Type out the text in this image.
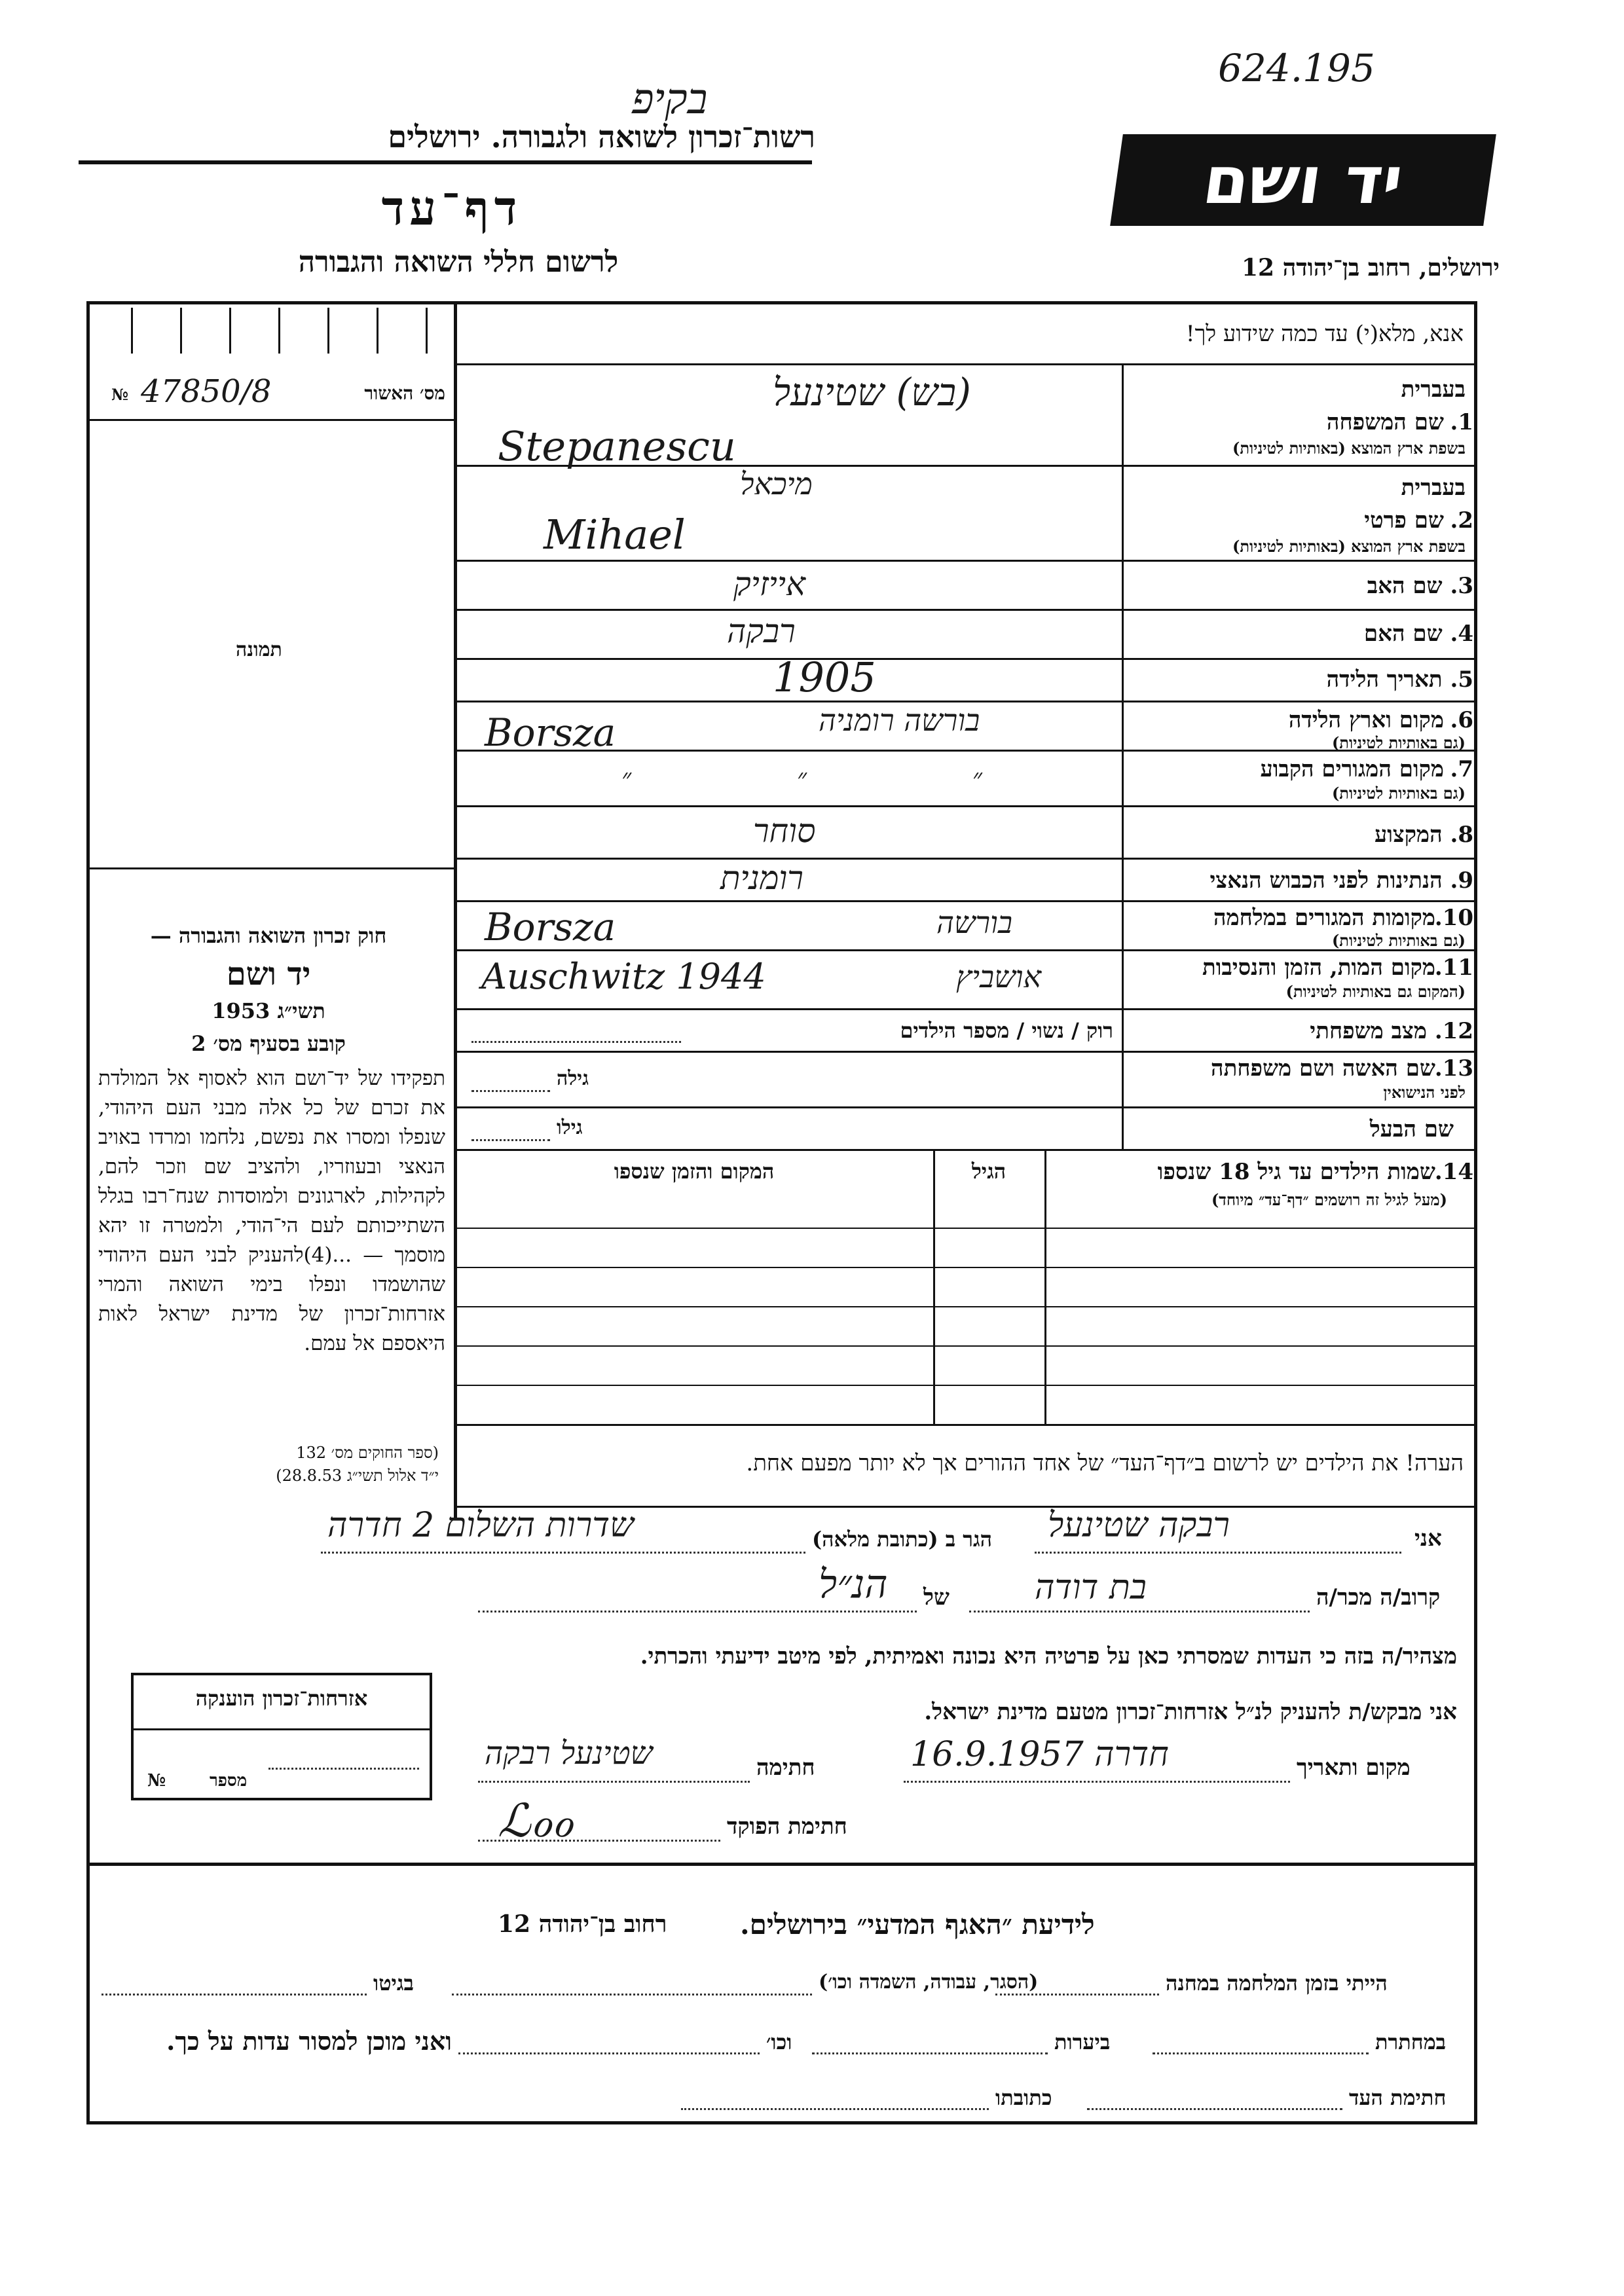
בקיפ
624.195
רשות־זכרון לשואה ולגבורה. ירושלים
דף־עד
לרשום חללי השואה והגבורה
יד ושם
ירושלים, רחוב בן־יהודה 12
№ 47850/8	מס׳ האשור
תמונה
חוק זכרון השואה והגבורה —
יד ושם
תשי״ג 1953
קובע בסעיף מס׳ 2
תפקידו של יד־ושם הוא לאסוף אל המולדת את זכרם של כל אלה מבני העם היהודי, שנפלו ומסרו את נפשם, נלחמו ומרדו באויב הנאצי ובעוזריו, ולהציב שם וזכר להם, לקהילות, לארגונים ולמוסדות שנח־רבו בגלל השתייכותם לעם הי־הודי, ולמטרה זו יהא מוסמך — ...(4)להעניק לבני העם היהודי שהושמדו ונפלו בימי השואה והמרי אזרחות־זכרון של מדינת ישראל לאות היאספם אל עמם.
(ספר החוקים מס׳ 132
י״ד אלול תשי״ג 28.8.53)
אנא, מלא(י) עד כמה שידוע לך!
בעברית
1.
שם המשפחה
בשפת ארץ המוצא (באותיות לטיניות)
(בש) שטינעל
Stepanescu
בעברית
2.
שם פרטי
בשפת ארץ המוצא (באותיות לטיניות)
מיכאל
Mihael
3. שם האב
אייזיק
4. שם האם
רבקה
5. תאריך הלידה
1905
6.
מקום וארץ הלידה
(גם באותיות לטיניות)
בורשה רומניה
Borsza
7.
מקום המגורים הקבוע
(גם באותיות לטיניות)
״ ״ ״
8. המקצוע
סוחר
9. הנתינות לפני הכבוש הנאצי
רומנית
10.
מקומות המגורים במלחמה
(גם באותיות לטיניות)
בורשה
Borsza
11.
מקום המות, הזמן והנסיבות
(המקום גם באותיות לטיניות)
אושביץ
Auschwitz 1944
12. מצב משפחתי
רוק / נשוי / מספר הילדים
13.
שם האשה ושם משפחתה
לפני הנישואין
גילה
שם הבעל
גילו
14.
שמות הילדים עד גיל 18 שנספו
(מעל לגיל זה רושמים ״דף־עד״ מיוחד)
הגיל
המקום והזמן שנספו
הערה! את הילדים יש לרשום ב״דף־העד״ של אחד ההורים אך לא יותר מפעם אחת.
אני
רבקה שטינעל
הגר ב (כתובת מלאה)
שדרות השלום 2 חדרה
קרוב/ה מכר/ה
בת דודה
של
הנ״ל
מצהיר/ה בזה כי העדות שמסרתי כאן על פרטיה היא נכונה ואמיתית, לפי מיטב ידיעתי והכרתי.
אני מבקש/ת להעניק לנ״ל אזרחות־זכרון מטעם מדינת ישראל.
מקום ותאריך
חדרה 16.9.1957
חתימה
שטינעל רבקה
חתימת הפוקד
ℒℴℴ
אזרחות־זכרון הוענקה
מספר
№
לידיעת ״האגף המדעי״ בירושלים.
רחוב בן־יהודה 12
הייתי בזמן המלחמה במחנה
(הסגר, עבודה, השמדה וכו׳)
בגיטו
במחתרת
ביערות
וכו׳
ואני מוכן למסור עדות על כך.
חתימת העד
כתובתו
